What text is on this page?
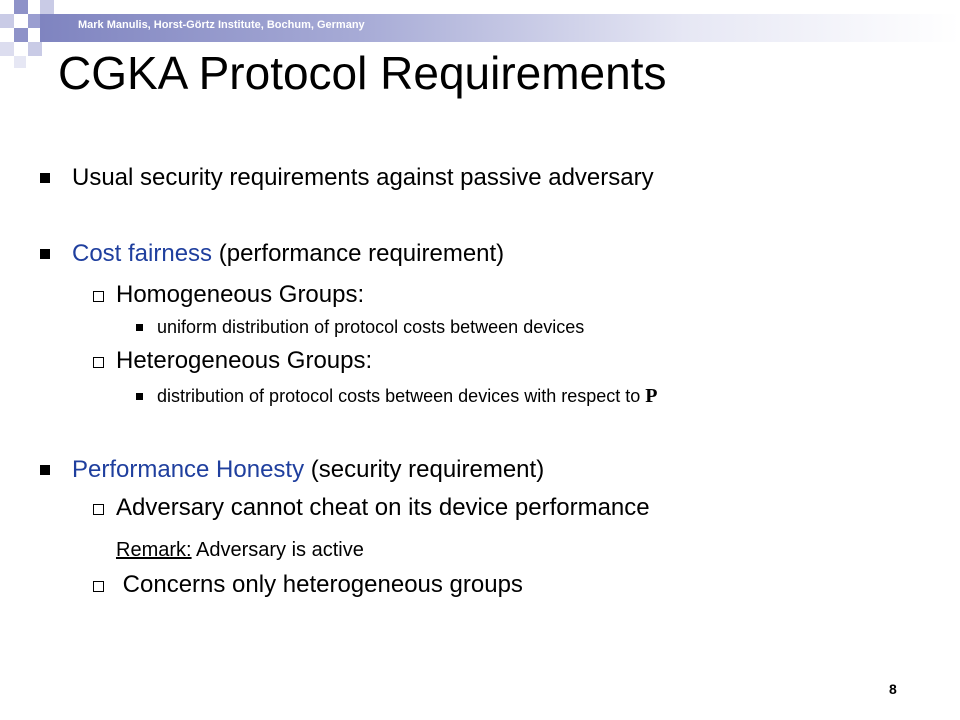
Mark Manulis, Horst-Görtz Institute, Bochum, Germany
CGKA Protocol Requirements
Usual security requirements against passive adversary
Cost fairness (performance requirement)
Homogeneous Groups:
uniform distribution of protocol costs between devices
Heterogeneous Groups:
distribution of protocol costs between devices with respect to P
Performance Honesty (security requirement)
Adversary cannot cheat on its device performance
Remark: Adversary is active
Concerns only heterogeneous groups
8
